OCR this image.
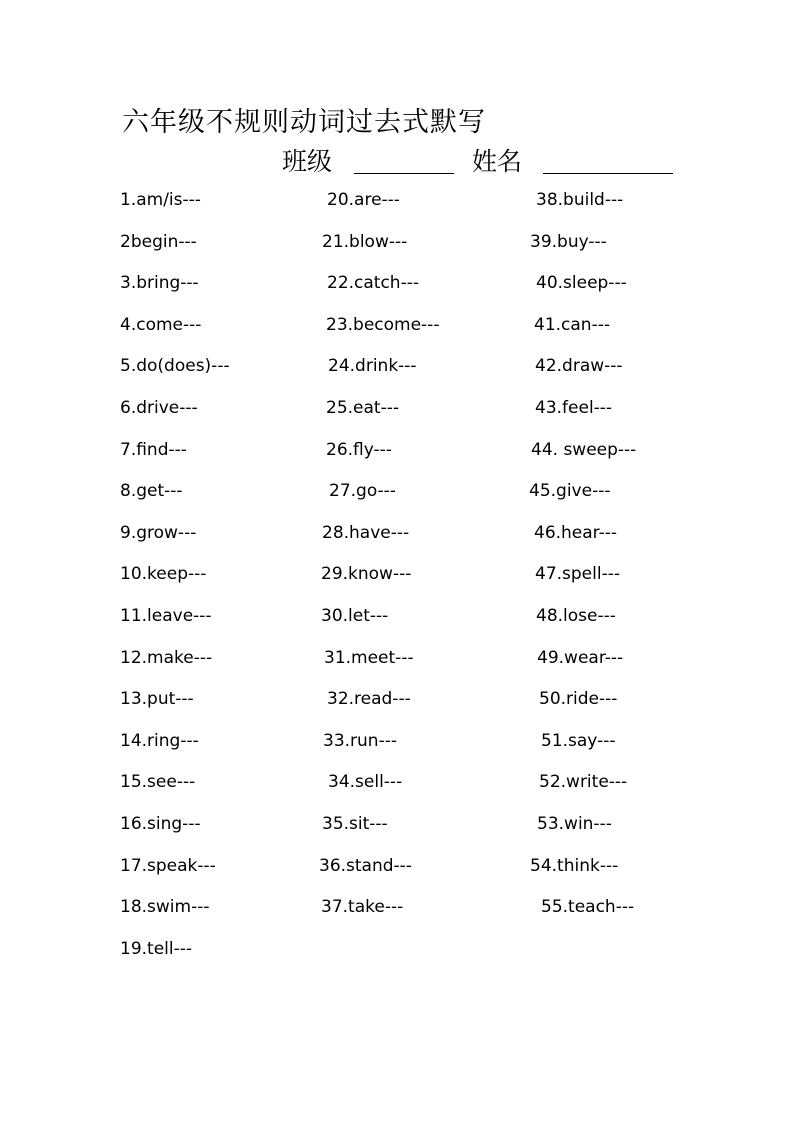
六年级不规则动词过去式默写
班级	姓名
1.am/is---
2begin---
3.bring---
4.come---
5.do(does)---
6.drive---
7.find---
8.get---
9.grow---
10.keep---
11.leave---
12.make---
13.put---
14.ring---
15.see---
16.sing---
17.speak---
18.swim---
19.tell---
20.are---
21.blow---
22.catch---
23.become---
24.drink---
25.eat---
26.fly---
27.go---
28.have---
29.know---
30.let---
31.meet---
32.read---
33.run---
34.sell---
35.sit---
36.stand---
37.take---
38.build---
39.buy---
40.sleep---
41.can---
42.draw---
43.feel---
44. sweep---
45.give---
46.hear---
47.spell---
48.lose---
49.wear---
50.ride---
51.say---
52.write---
53.win---
54.think---
55.teach---
